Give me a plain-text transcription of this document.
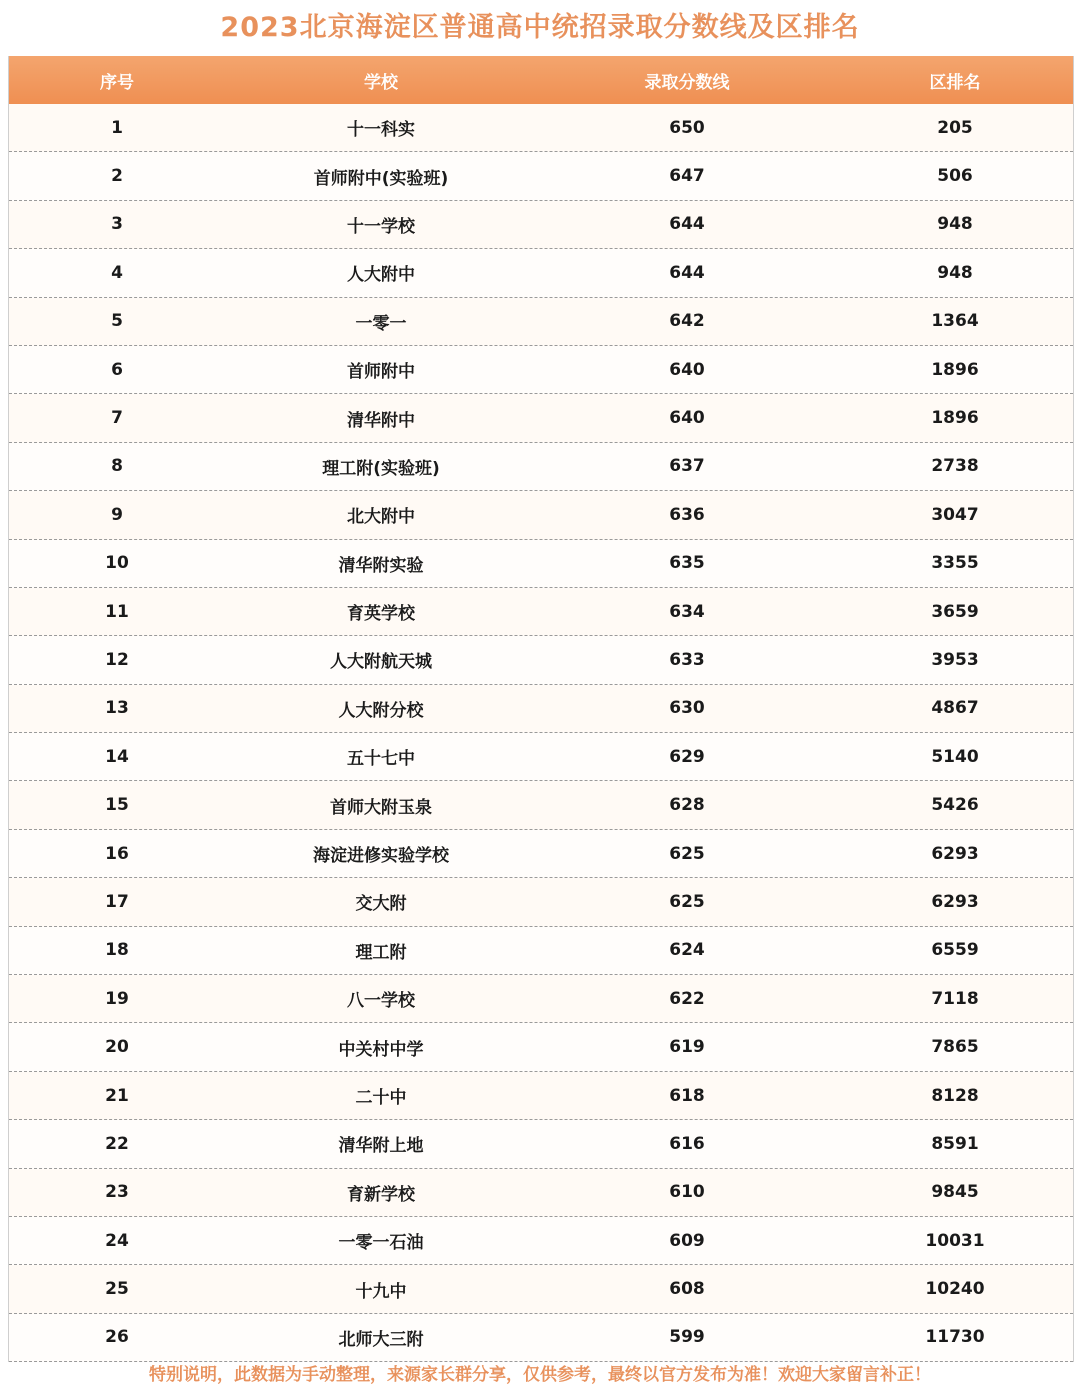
2023北京海淀区普通高中统招录取分数线及区排名
序号	学校	录取分数线	区排名
1	十一科实	650	205
2	首师附中(实验班)	647	506
3	十一学校	644	948
4	人大附中	644	948
5	一零一	642	1364
6	首师附中	640	1896
7	清华附中	640	1896
8	理工附(实验班)	637	2738
9	北大附中	636	3047
10	清华附实验	635	3355
11	育英学校	634	3659
12	人大附航天城	633	3953
13	人大附分校	630	4867
14	五十七中	629	5140
15	首师大附玉泉	628	5426
16	海淀进修实验学校	625	6293
17	交大附	625	6293
18	理工附	624	6559
19	八一学校	622	7118
20	中关村中学	619	7865
21	二十中	618	8128
22	清华附上地	616	8591
23	育新学校	610	9845
24	一零一石油	609	10031
25	十九中	608	10240
26	北师大三附	599	11730
特别说明，此数据为手动整理，来源家长群分享，仅供参考，最终以官方发布为准！欢迎大家留言补正！
